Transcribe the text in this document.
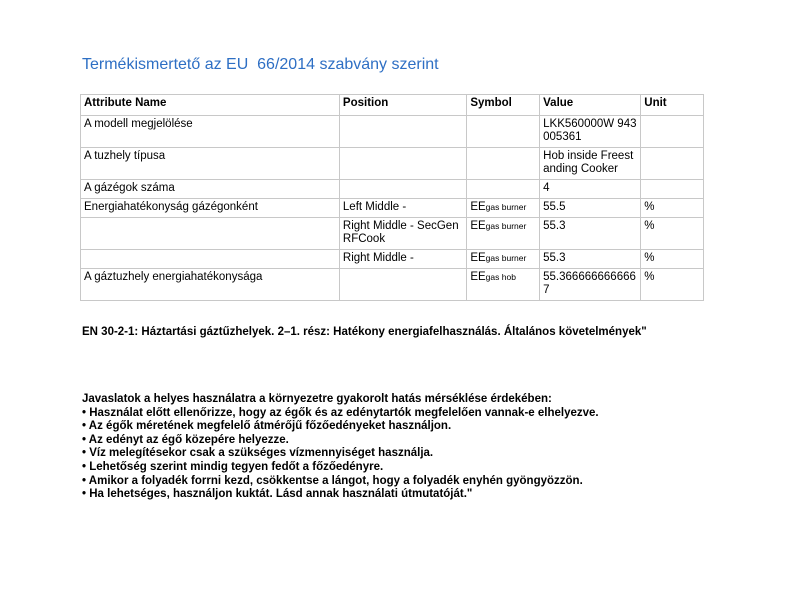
Termékismertető az EU  66/2014 szabvány szerint
Attribute Name	Position	Symbol	Value	Unit
A modell megjelölése			LKK560000W 943005361	
A tuzhely típusa			Hob inside Freestanding Cooker	
A gázégok száma			4	
Energiahatékonyság gázégonként	Left Middle -	EEgas burner	55.5	%
	Right Middle - SecGenRFCook	EEgas burner	55.3	%
	Right Middle -	EEgas burner	55.3	%
A gáztuzhely energiahatékonysága		EEgas hob	55.3666666666667	%
EN 30-2-1: Háztartási gáztűzhelyek. 2–1. rész: Hatékony energiafelhasználás. Általános követelmények"
Javaslatok a helyes használatra a környezetre gyakorolt hatás mérséklése érdekében:
• Használat előtt ellenőrizze, hogy az égők és az edénytartók megfelelően vannak-e elhelyezve.
• Az égők méretének megfelelő átmérőjű főzőedényeket használjon.
• Az edényt az égő közepére helyezze.
• Víz melegítésekor csak a szükséges vízmennyiséget használja.
• Lehetőség szerint mindig tegyen fedőt a főzőedényre.
• Amikor a folyadék forrni kezd, csökkentse a lángot, hogy a folyadék enyhén gyöngyözzön.
• Ha lehetséges, használjon kuktát. Lásd annak használati útmutatóját."
